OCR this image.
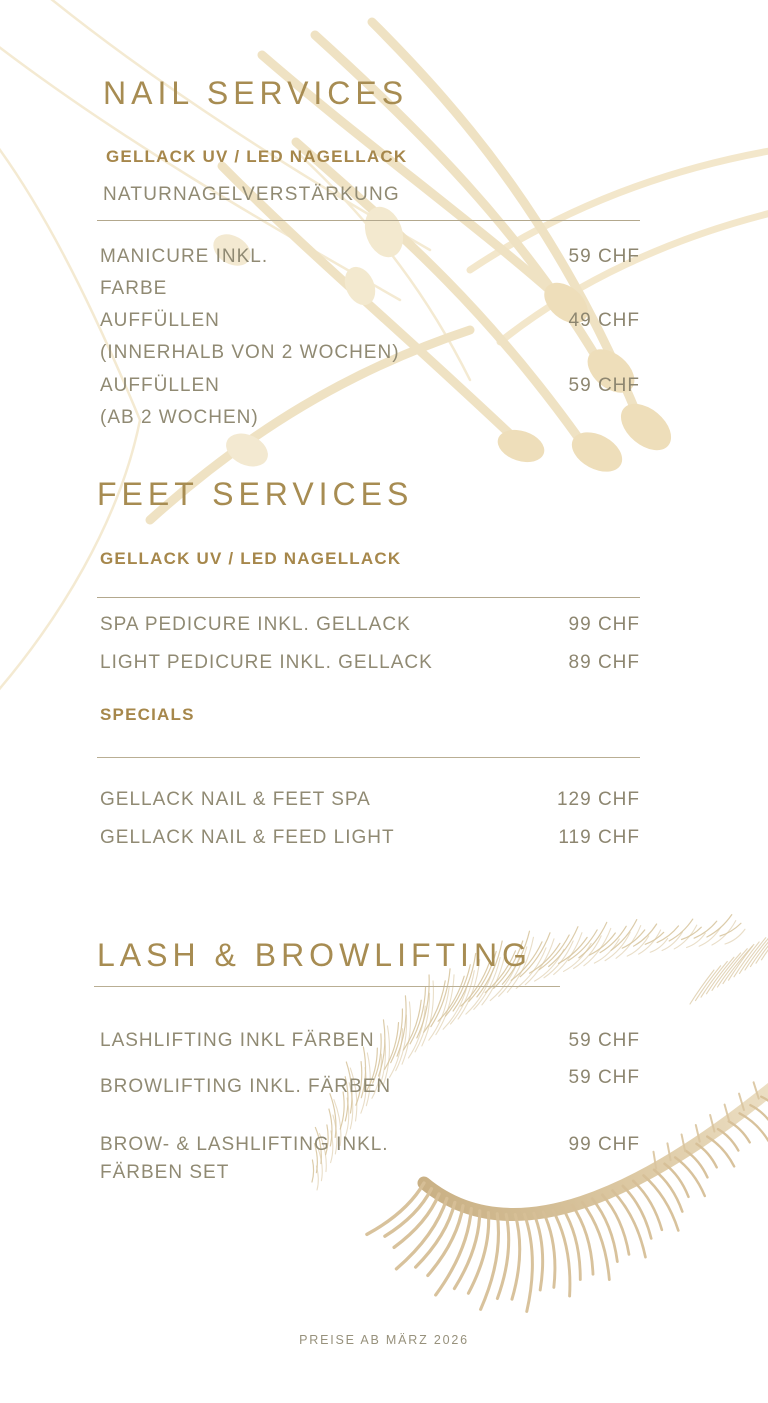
NAIL SERVICES
GELLACK UV / LED NAGELLACK
NATURNAGELVERSTÄRKUNG
MANICURE INKL.
FARBE
59 CHF
AUFFÜLLEN
(INNERHALB VON 2 WOCHEN)
49 CHF
AUFFÜLLEN
(AB 2 WOCHEN)
59 CHF
FEET SERVICES
GELLACK UV / LED NAGELLACK
SPA PEDICURE INKL. GELLACK	99 CHF
LIGHT PEDICURE INKL. GELLACK	89 CHF
SPECIALS
GELLACK NAIL & FEET SPA	129 CHF
GELLACK NAIL & FEED LIGHT	119 CHF
LASH & BROWLIFTING
LASHLIFTING INKL FÄRBEN	59 CHF
BROWLIFTING INKL. FÄRBEN	59 CHF
BROW- & LASHLIFTING INKL.
FÄRBEN SET
99 CHF
PREISE AB MÄRZ 2026
